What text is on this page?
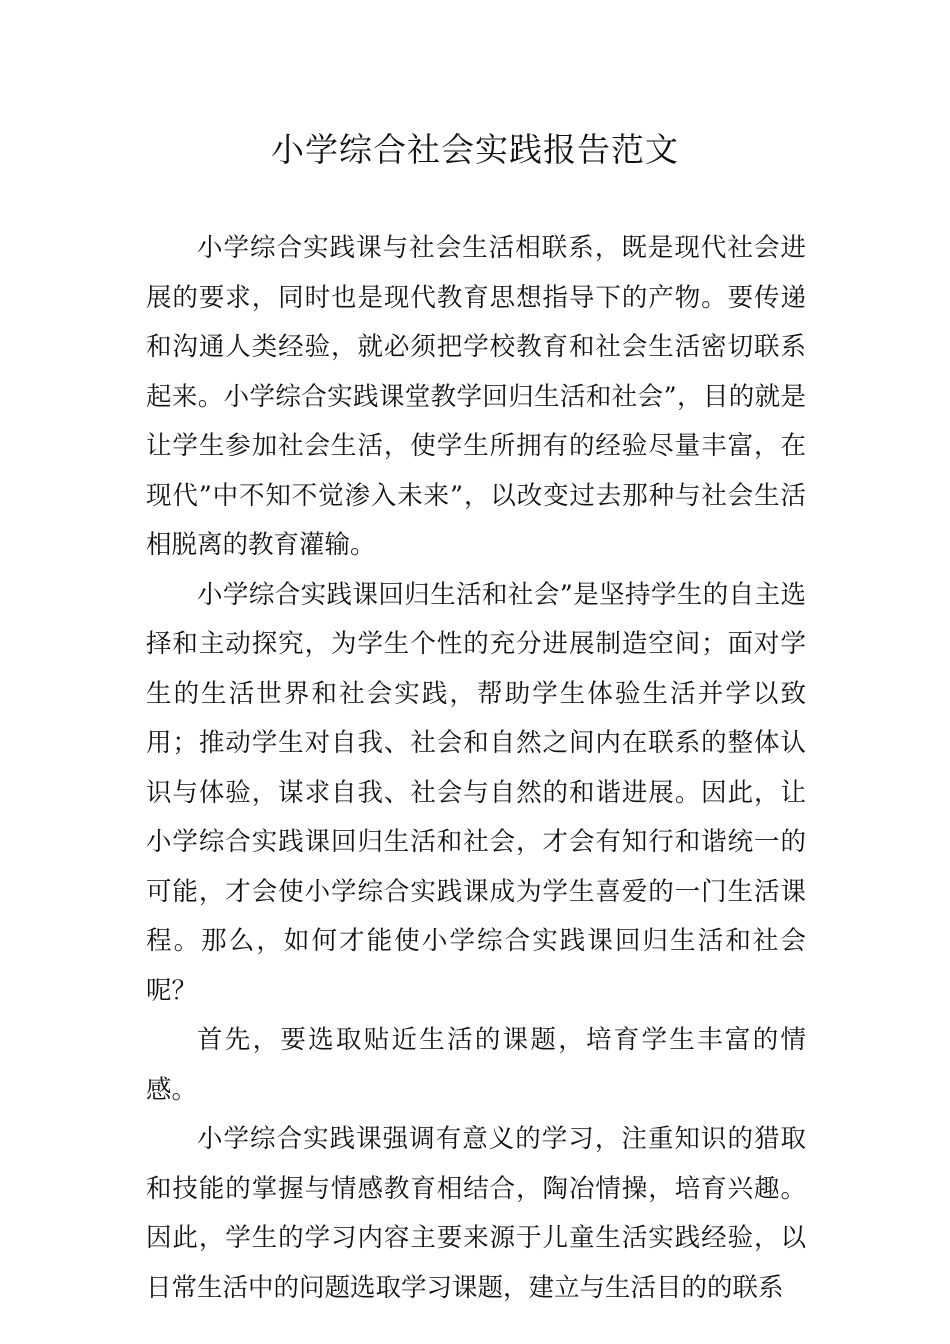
小学综合社会实践报告范文

小学综合实践课与社会生活相联系，既是现代社会进展的要求，同时也是现代教育思想指导下的产物。要传递和沟通人类经验，就必须把学校教育和社会生活密切联系起来。小学综合实践课堂教学回归生活和社会”，目的就是让学生参加社会生活，使学生所拥有的经验尽量丰富，在现代”中不知不觉渗入未来”，以改变过去那种与社会生活相脱离的教育灌输。

小学综合实践课回归生活和社会”是坚持学生的自主选择和主动探究，为学生个性的充分进展制造空间；面对学生的生活世界和社会实践，帮助学生体验生活并学以致用；推动学生对自我、社会和自然之间内在联系的整体认识与体验，谋求自我、社会与自然的和谐进展。因此，让小学综合实践课回归生活和社会，才会有知行和谐统一的可能，才会使小学综合实践课成为学生喜爱的一门生活课程。那么，如何才能使小学综合实践课回归生活和社会呢？

首先，要选取贴近生活的课题，培育学生丰富的情感。

小学综合实践课强调有意义的学习，注重知识的猎取和技能的掌握与情感教育相结合，陶冶情操，培育兴趣。因此，学生的学习内容主要来源于儿童生活实践经验，以日常生活中的问题选取学习课题，建立与生活目的的联系
